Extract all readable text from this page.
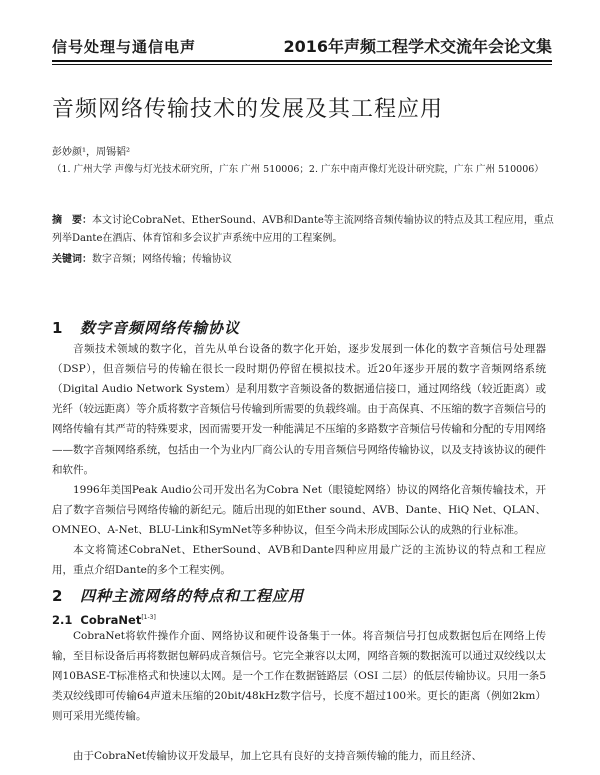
信号处理与通信电声	2016年声频工程学术交流年会论文集
音频网络传输技术的发展及其工程应用
彭妙颜¹，周锡韬²
（1. 广州大学 声像与灯光技术研究所，广东 广州 510006；2. 广东中南声像灯光设计研究院，广东 广州 510006）
摘　要：本文讨论CobraNet、EtherSound、AVB和Dante等主流网络音频传输协议的特点及其工程应用，重点列举Dante在酒店、体育馆和多会议扩声系统中应用的工程案例。
关键词：数字音频；网络传输；传输协议
1 数字音频网络传输协议

音频技术领域的数字化，首先从单台设备的数字化开始，逐步发展到一体化的数字音频信号处理器（DSP），但音频信号的传输在很长一段时期仍停留在模拟技术。近20年逐步开展的数字音频网络系统（Digital Audio Network System）是利用数字音频设备的数据通信接口，通过网络线（较近距离）或光纤（较远距离）等介质将数字音频信号传输到所需要的负载终端。由于高保真、不压缩的数字音频信号的网络传输有其严苛的特殊要求，因而需要开发一种能满足不压缩的多路数字音频信号传输和分配的专用网络——数字音频网络系统，包括由一个为业内厂商公认的专用音频信号网络传输协议，以及支持该协议的硬件和软件。

1996年美国Peak Audio公司开发出名为Cobra Net（眼镜蛇网络）协议的网络化音频传输技术，开启了数字音频信号网络传输的新纪元。随后出现的如Ether sound、AVB、Dante、HiQ Net、QLAN、OMNEO、A-Net、BLU-Link和SymNet等多种协议，但至今尚未形成国际公认的成熟的行业标准。

本文将简述CobraNet、EtherSound、AVB和Dante四种应用最广泛的主流协议的特点和工程应用，重点介绍Dante的多个工程实例。

2 四种主流网络的特点和工程应用
2.1 CobraNet[1-3]

CobraNet将软件操作介面、网络协议和硬件设备集于一体。将音频信号打包成数据包后在网络上传输，至目标设备后再将数据包解码成音频信号。它完全兼容以太网，网络音频的数据流可以通过双绞线以太网10BASE-T标准格式和快速以太网。是一个工作在数据链路层（OSI 二层）的低层传输协议。只用一条5类双绞线即可传输64声道未压缩的20bit/48kHz数字信号，长度不超过100米。更长的距离（例如2km）则可采用光缆传输。

由于CobraNet传输协议开发最早，加上它具有良好的支持音频传输的能力，而且经济、
